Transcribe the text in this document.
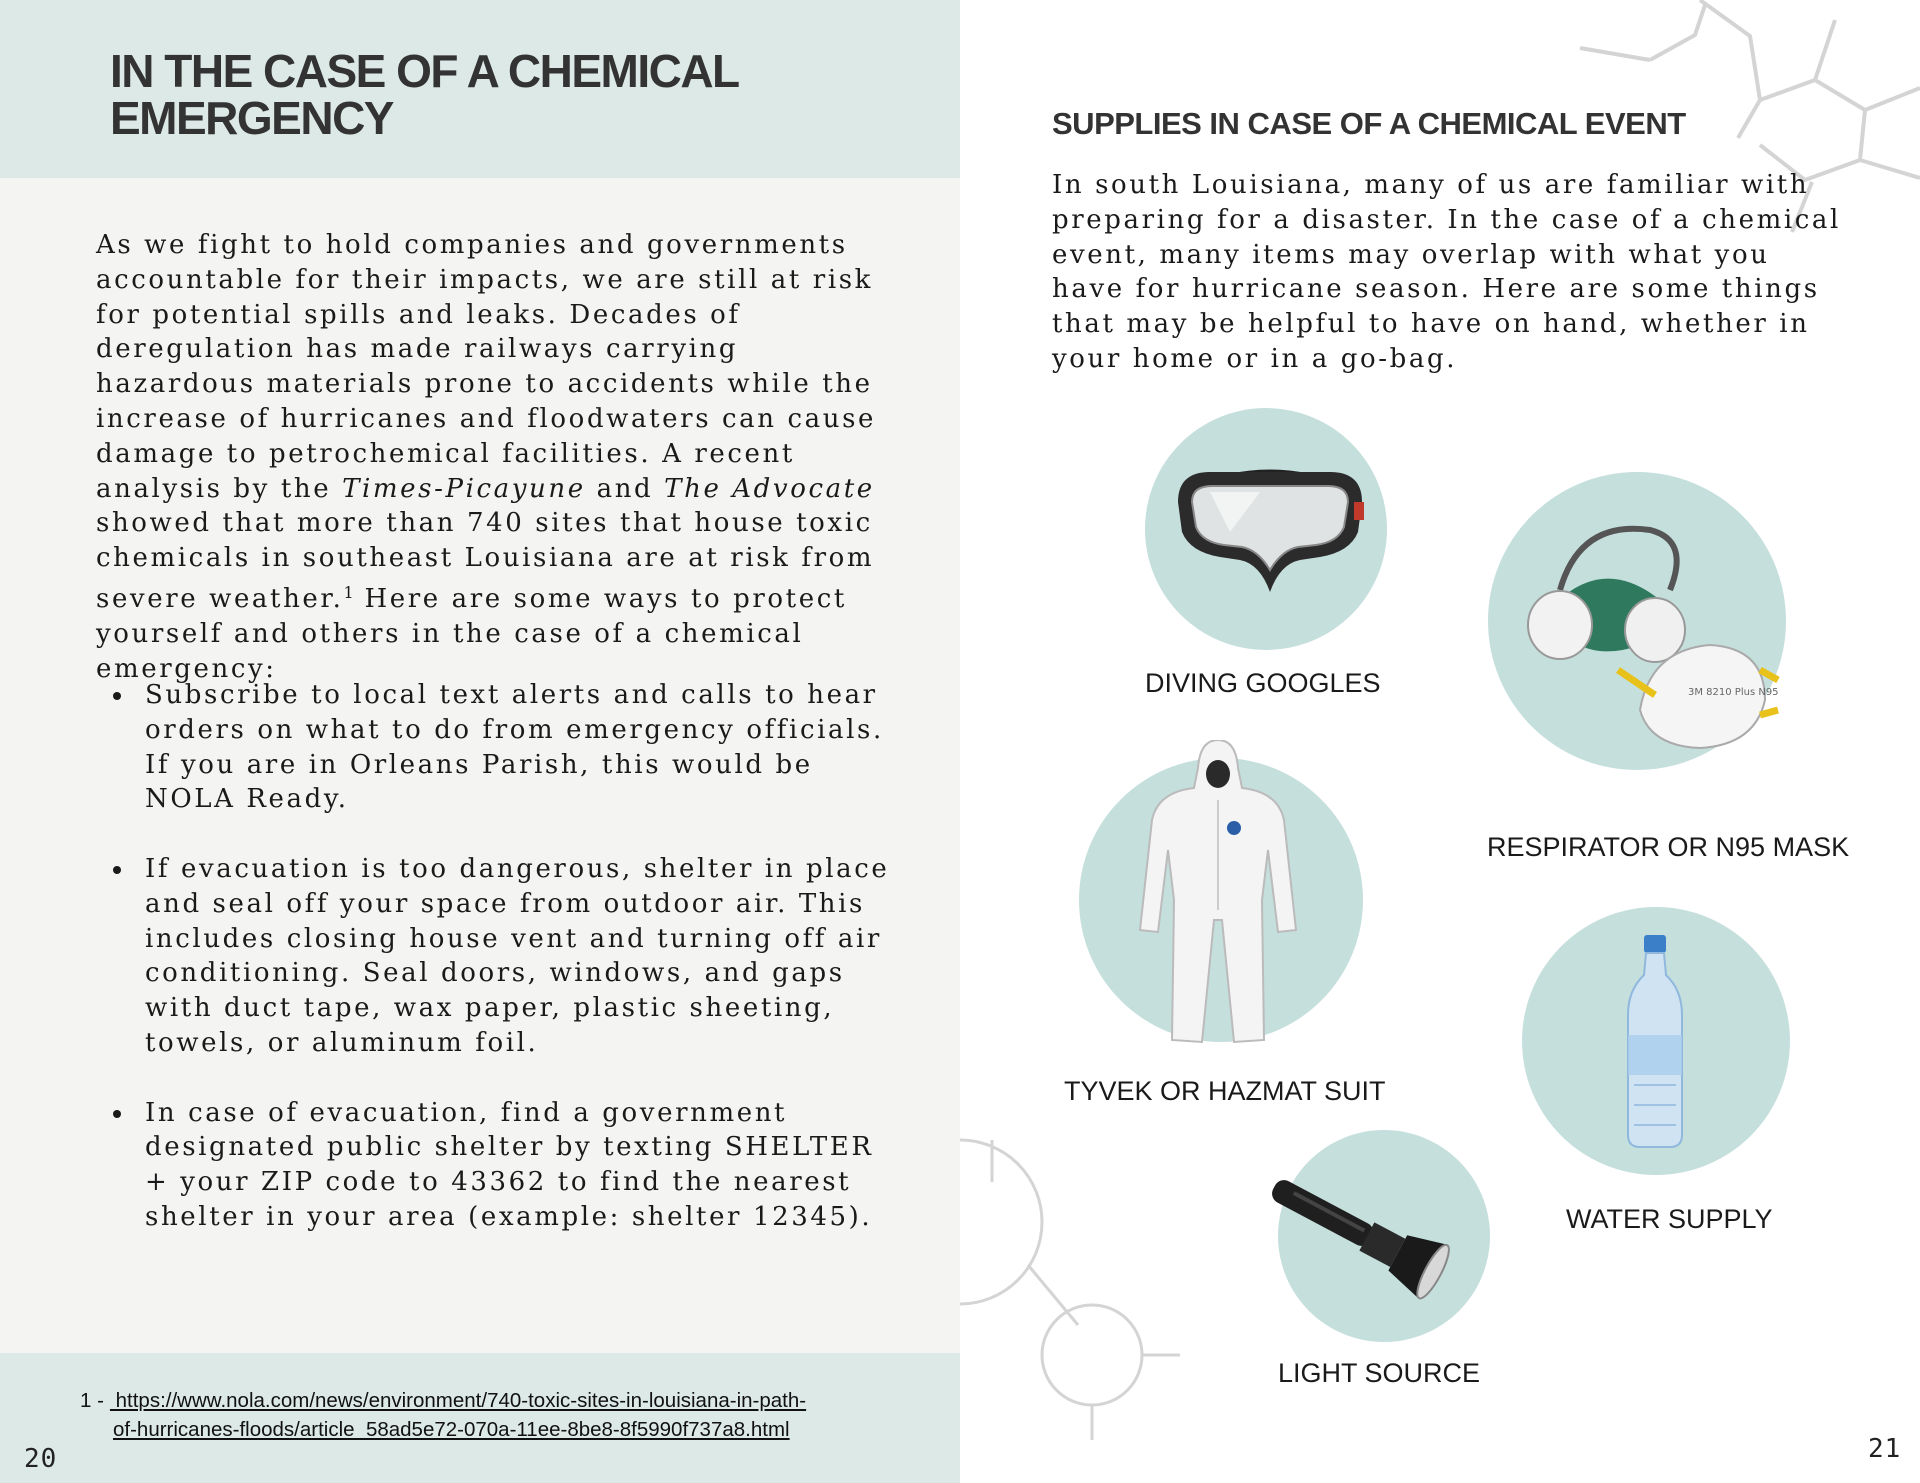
IN THE CASE OF A CHEMICAL
EMERGENCY

As we fight to hold companies and governments accountable for their impacts, we are still at risk for potential spills and leaks. Decades of deregulation has made railways carrying hazardous materials prone to accidents while the increase of hurricanes and floodwaters can cause damage to petrochemical facilities. A recent analysis by the Times-Picayune and The Advocate showed that more than 740 sites that house toxic chemicals in southeast Louisiana are at risk from severe weather.$^1$ Here are some ways to protect yourself and others in the case of a chemical emergency:

Subscribe to local text alerts and calls to hear orders on what to do from emergency officials. If you are in Orleans Parish, this would be NOLA Ready.
If evacuation is too dangerous, shelter in place and seal off your space from outdoor air. This includes closing house vent and turning off air conditioning. Seal doors, windows, and gaps with duct tape, wax paper, plastic sheeting, towels, or aluminum foil.
In case of evacuation, find a government designated public shelter by texting SHELTER + your ZIP code to 43362 to find the nearest shelter in your area (example: shelter 12345).
1 - https://www.nola.com/news/environment/740-toxic-sites-in-louisiana-in-path-
of-hurricanes-floods/article_58ad5e72-070a-11ee-8be8-8f5990f737a8.html
20
SUPPLIES IN CASE OF A CHEMICAL EVENT

In south Louisiana, many of us are familiar with preparing for a disaster. In the case of a chemical event, many items may overlap with what you have for hurricane season. Here are some things that may be helpful to have on hand, whether in your home or in a go-bag.

DIVING GOOGLES	3M 8210 Plus N95
RESPIRATOR OR N95 MASK
TYVEK OR HAZMAT SUIT
WATER SUPPLY
LIGHT SOURCE
21
